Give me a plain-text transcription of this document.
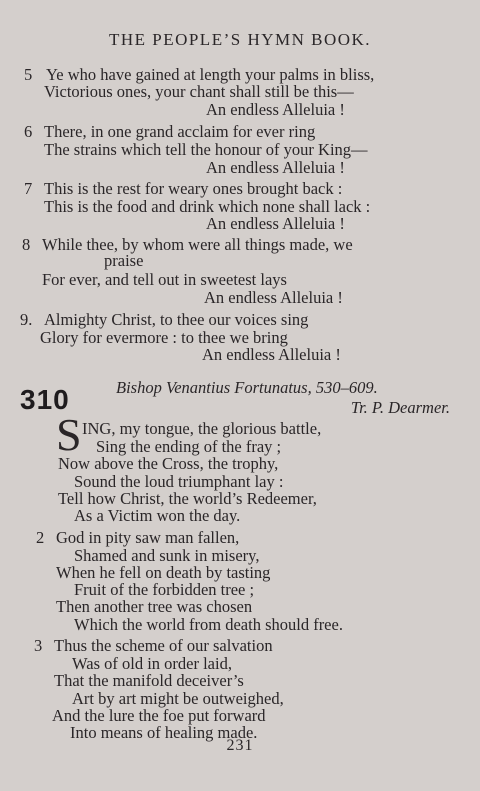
THE PEOPLE’S HYMN BOOK.
5 Ye who have gained at length your palms in bliss,
Victorious ones, your chant shall still be this—
An endless Alleluia !
6 There, in one grand acclaim for ever ring
The strains which tell the honour of your King—
An endless Alleluia !
7 This is the rest for weary ones brought back :
This is the food and drink which none shall lack :
An endless Alleluia !
8 While thee, by whom were all things made, we
praise
For ever, and tell out in sweetest lays
An endless Alleluia !
9. Almighty Christ, to thee our voices sing
Glory for evermore : to thee we bring
An endless Alleluia !
310	Bishop Venantius Fortunatus, 530–609.
Tr. P. Dearmer.
S ING, my tongue, the glorious battle,
Sing the ending of the fray ;
Now above the Cross, the trophy,
Sound the loud triumphant lay :
Tell how Christ, the world’s Redeemer,
As a Victim won the day.
2 God in pity saw man fallen,
Shamed and sunk in misery,
When he fell on death by tasting
Fruit of the forbidden tree ;
Then another tree was chosen
Which the world from death should free.
3 Thus the scheme of our salvation
Was of old in order laid,
That the manifold deceiver’s
Art by art might be outweighed,
And the lure the foe put forward
Into means of healing made.
231
